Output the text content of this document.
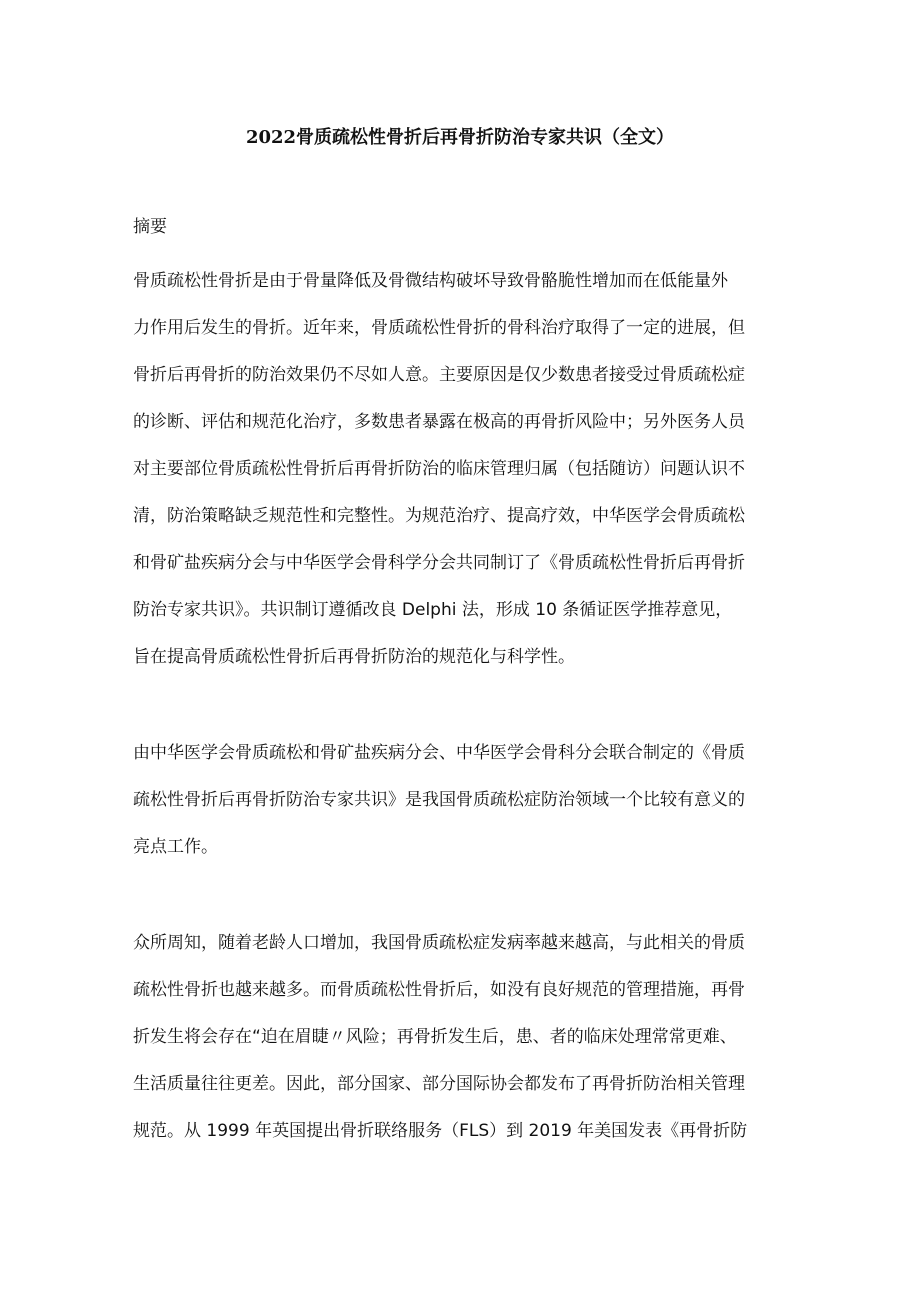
2022骨质疏松性骨折后再骨折防治专家共识（全文）

摘要

骨质疏松性骨折是由于骨量降低及骨微结构破坏导致骨骼脆性增加而在低能量外

力作用后发生的骨折。近年来，骨质疏松性骨折的骨科治疗取得了一定的进展，但

骨折后再骨折的防治效果仍不尽如人意。主要原因是仅少数患者接受过骨质疏松症

的诊断、评估和规范化治疗，多数患者暴露在极高的再骨折风险中；另外医务人员

对主要部位骨质疏松性骨折后再骨折防治的临床管理归属（包括随访）问题认识不

清，防治策略缺乏规范性和完整性。为规范治疗、提高疗效，中华医学会骨质疏松

和骨矿盐疾病分会与中华医学会骨科学分会共同制订了《骨质疏松性骨折后再骨折

防治专家共识》。共识制订遵循改良 Delphi 法，形成 10 条循证医学推荐意见，

旨在提高骨质疏松性骨折后再骨折防治的规范化与科学性。

由中华医学会骨质疏松和骨矿盐疾病分会、中华医学会骨科分会联合制定的《骨质

疏松性骨折后再骨折防治专家共识》是我国骨质疏松症防治领域一个比较有意义的

亮点工作。

众所周知，随着老龄人口增加，我国骨质疏松症发病率越来越高，与此相关的骨质

疏松性骨折也越来越多。而骨质疏松性骨折后，如没有良好规范的管理措施，再骨

折发生将会存在“迫在眉睫〃风险；再骨折发生后，患、者的临床处理常常更难、

生活质量往往更差。因此，部分国家、部分国际协会都发布了再骨折防治相关管理

规范。从 1999 年英国提出骨折联络服务（FLS）到 2019 年美国发表《再骨折防
